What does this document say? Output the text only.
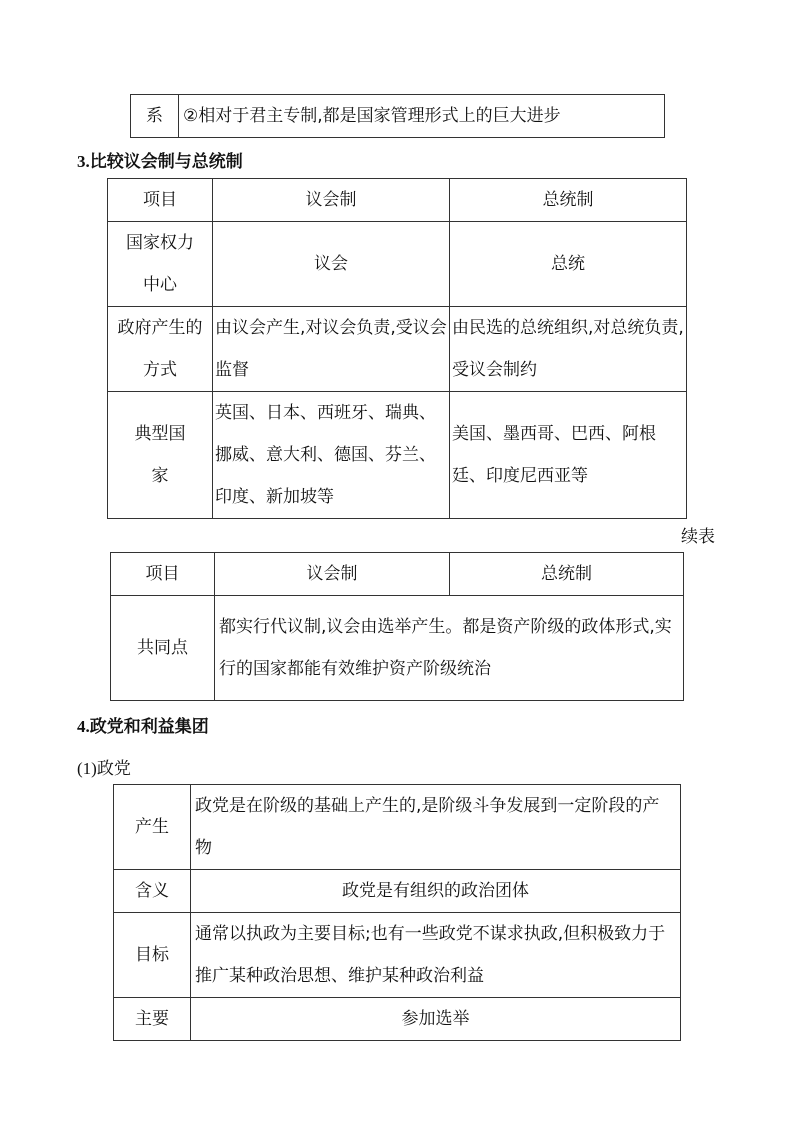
系	②相对于君主专制,都是国家管理形式上的巨大进步
3.比较议会制与总统制
项目	议会制	总统制
国家权力中心	议会	总统
政府产生的方式	由议会产生,对议会负责,受议会监督	由民选的总统组织,对总统负责,受议会制约
典型国家	英国、日本、西班牙、瑞典、挪威、意大利、德国、芬兰、印度、新加坡等	美国、墨西哥、巴西、阿根廷、印度尼西亚等
续表
项目	议会制	总统制
共同点	都实行代议制,议会由选举产生。都是资产阶级的政体形式,实行的国家都能有效维护资产阶级统治	
4.政党和利益集团
(1)政党
产生	政党是在阶级的基础上产生的,是阶级斗争发展到一定阶段的产物
含义	政党是有组织的政治团体
目标	通常以执政为主要目标;也有一些政党不谋求执政,但积极致力于推广某种政治思想、维护某种政治利益
主要	参加选举
